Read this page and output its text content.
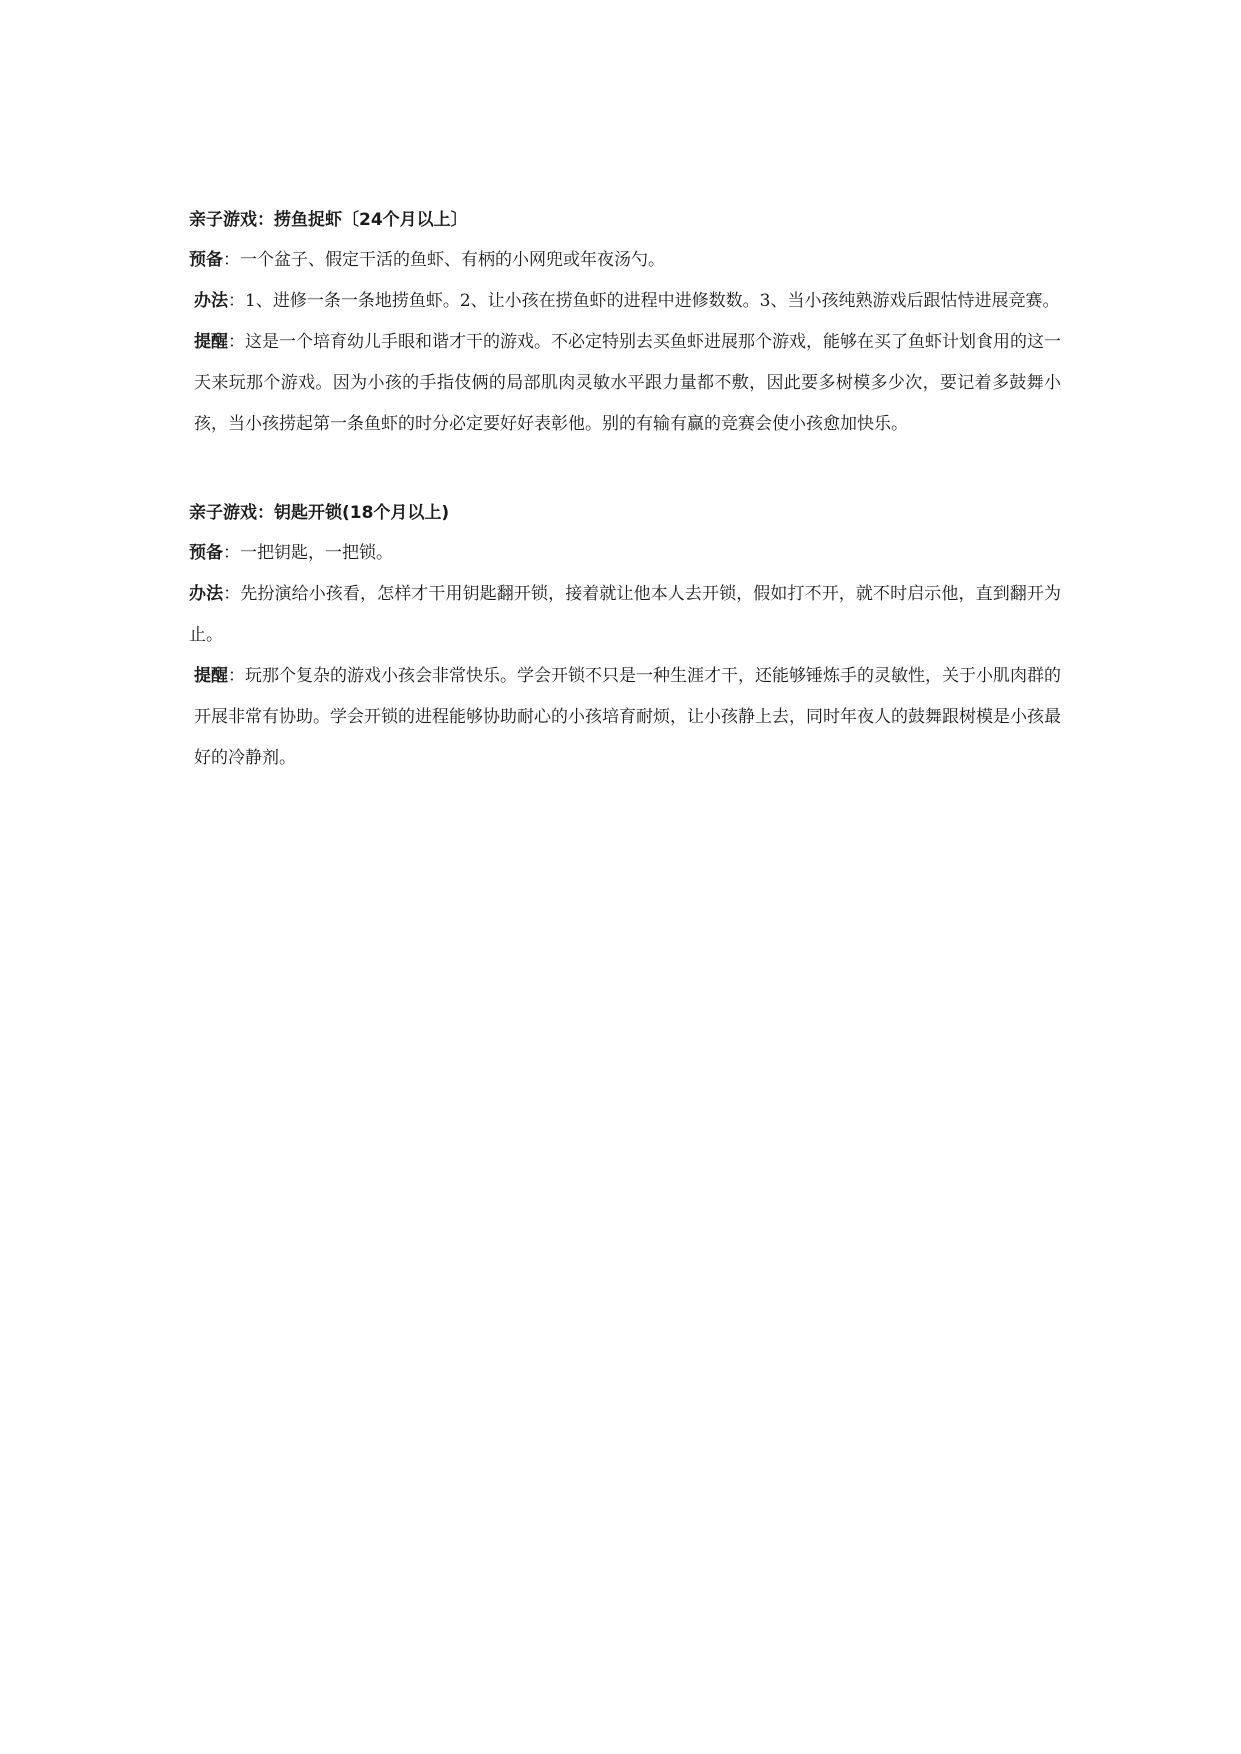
亲子游戏：捞鱼捉虾〔24个月以上〕

预备：一个盆子、假定干活的鱼虾、有柄的小网兜或年夜汤勺。

办法：1、进修一条一条地捞鱼虾。2、让小孩在捞鱼虾的进程中进修数数。3、当小孩纯熟游戏后跟怙恃进展竞赛。

提醒：这是一个培育幼儿手眼和谐才干的游戏。不必定特别去买鱼虾进展那个游戏，能够在买了鱼虾计划食用的这一天来玩那个游戏。因为小孩的手指伎俩的局部肌肉灵敏水平跟力量都不敷，因此要多树模多少次，要记着多鼓舞小孩，当小孩捞起第一条鱼虾的时分必定要好好表彰他。别的有输有赢的竞赛会使小孩愈加快乐。

亲子游戏：钥匙开锁(18个月以上)

预备：一把钥匙，一把锁。

办法：先扮演给小孩看，怎样才干用钥匙翻开锁，接着就让他本人去开锁，假如打不开，就不时启示他，直到翻开为止。

提醒：玩那个复杂的游戏小孩会非常快乐。学会开锁不只是一种生涯才干，还能够锤炼手的灵敏性，关于小肌肉群的开展非常有协助。学会开锁的进程能够协助耐心的小孩培育耐烦，让小孩静上去，同时年夜人的鼓舞跟树模是小孩最好的冷静剂。
